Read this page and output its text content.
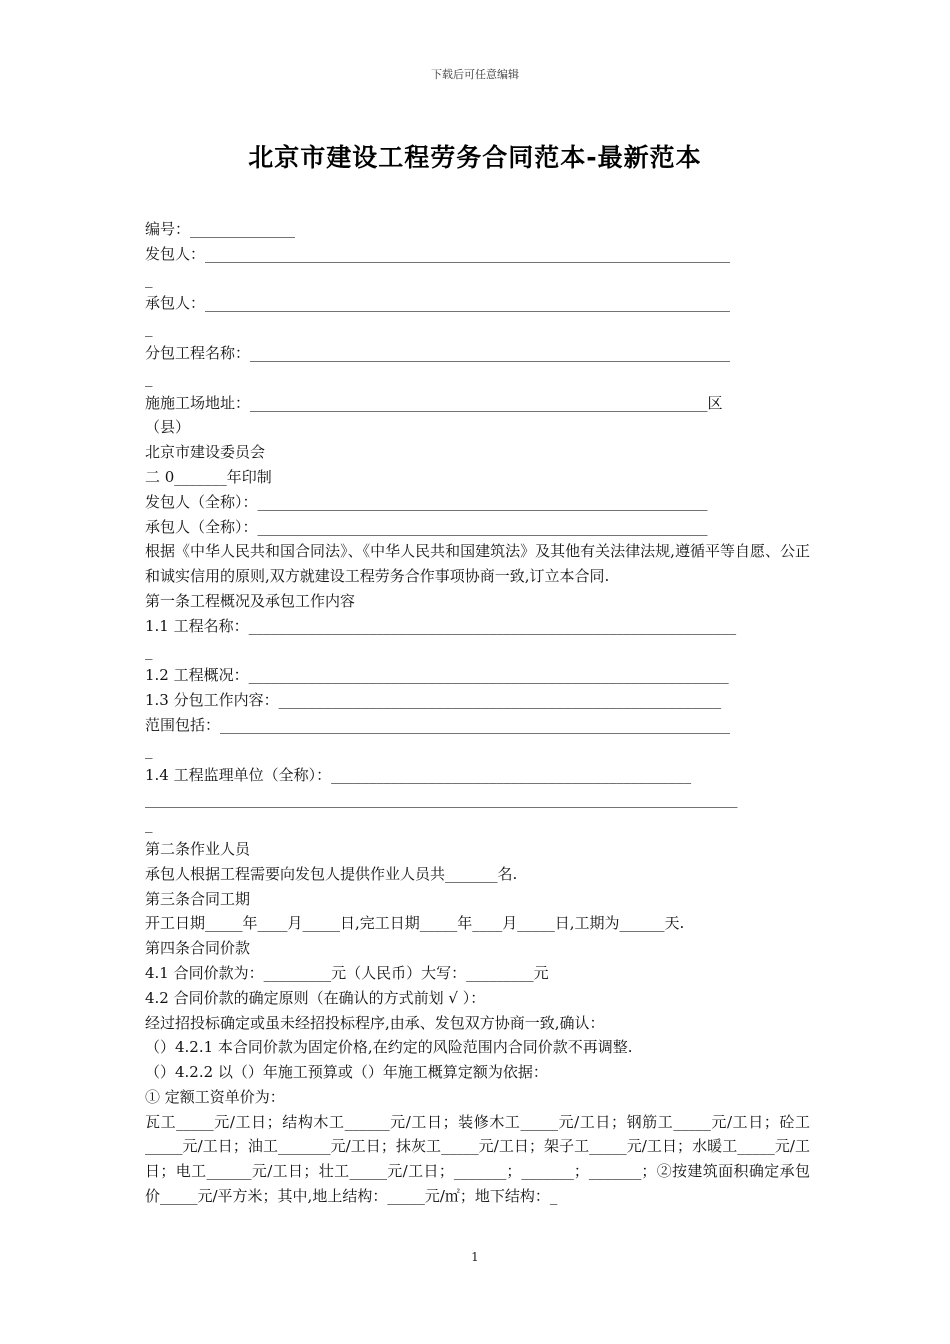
下载后可任意编辑
北京市建设工程劳务合同范本-最新范本
编号：______________
发包人：______________________________________________________________________
_
承包人：______________________________________________________________________
_
分包工程名称：________________________________________________________________
_
施施工场地址：_____________________________________________________________区
（县）
北京市建设委员会
二 0_______年印制
发包人（全称）：____________________________________________________________
承包人（全称）：____________________________________________________________
根据《中华人民共和国合同法》、《中华人民共和国建筑法》及其他有关法律法规,遵循平等自愿、公正和诚实信用的原则,双方就建设工程劳务合作事项协商一致,订立本合同.
第一条工程概况及承包工作内容
1.1 工程名称：_________________________________________________________________
_
1.2 工程概况：________________________________________________________________
1.3 分包工作内容：___________________________________________________________
范围包括：____________________________________________________________________
_
1.4 工程监理单位（全称）：________________________________________________
_______________________________________________________________________________
_
第二条作业人员
承包人根据工程需要向发包人提供作业人员共_______名.
第三条合同工期
开工日期_____年____月_____日,完工日期_____年____月_____日,工期为______天.
第四条合同价款
4.1 合同价款为：_________元（人民币）大写：_________元
4.2 合同价款的确定原则（在确认的方式前划 √ ）：
经过招投标确定或虽未经招投标程序,由承、发包双方协商一致,确认：
（）4.2.1 本合同价款为固定价格,在约定的风险范围内合同价款不再调整.
（）4.2.2 以（）年施工预算或（）年施工概算定额为依据：
① 定额工资单价为：
瓦工_____元/工日；结构木工______元/工日；装修木工_____元/工日；钢筋工_____元/工日；砼工_____元/工日；油工_______元/工日；抹灰工_____元/工日；架子工_____元/工日；水暖工_____元/工日；电工______元/工日；壮工_____元/工日；_______；_______；_______；②按建筑面积确定承包价_____元/平方米；其中,地上结构：_____元/㎡；地下结构：_
1
